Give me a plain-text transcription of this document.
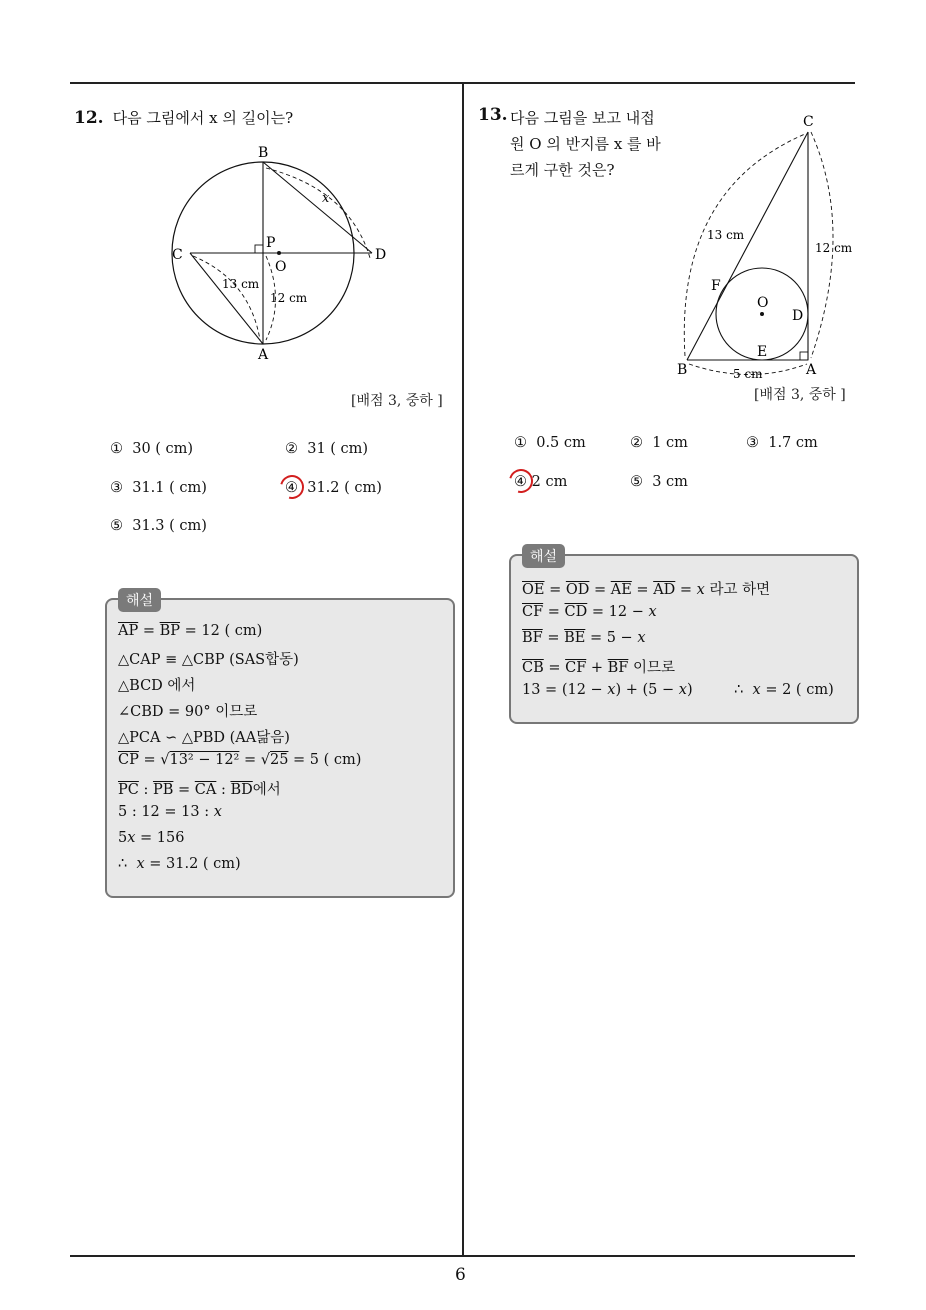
6
12. 다음 그림에서 x 의 길이는?
B
C	D
A
P
O
x
13 cm
12 cm
[배점 3, 중하 ]
① 30 ( cm)	② 31 ( cm)
③ 31.1 ( cm)	④ 31.2 ( cm)
⑤ 31.3 ( cm)
해설
$\overline{AP} = \overline{BP} = 12$ ( cm)
△CAP ≡ △CBP (SAS합동)
△BCD 에서
∠CBD = 90° 이므로
△PCA ∽ △PBD (AA닮음)
$\overline{CP} = √13^2 - 12^2 = √25 = 5$ ( cm)
$\overline{PC}$ : $\overline{PB} = \overline{CA}$ : $\overline{BD}$에서
5 : 12 = 13 : x
5x = 156
∴  x = 31.2 ( cm)
13. 다음 그림을 보고 내접
원 O 의 반지름 x 를 바
르게 구한 것은?
C
B	A
O
D
E
F
13 cm
12 cm
5 cm
[배점 3, 중하 ]
① 0.5 cm	② 1 cm	③ 1.7 cm
④ 2 cm	⑤ 3 cm
해설
$\overline{OE} = \overline{OD} = \overline{AE} = \overline{AD} = x$ 라고 하면
$\overline{CF} = \overline{CD} = 12 - x$
$\overline{BF} = \overline{BE} = 5 - x$
$\overline{CB} = \overline{CF} + \overline{BF}$ 이므로
13 = (12 − x) + (5 − x)         ∴  x = 2 ( cm)
